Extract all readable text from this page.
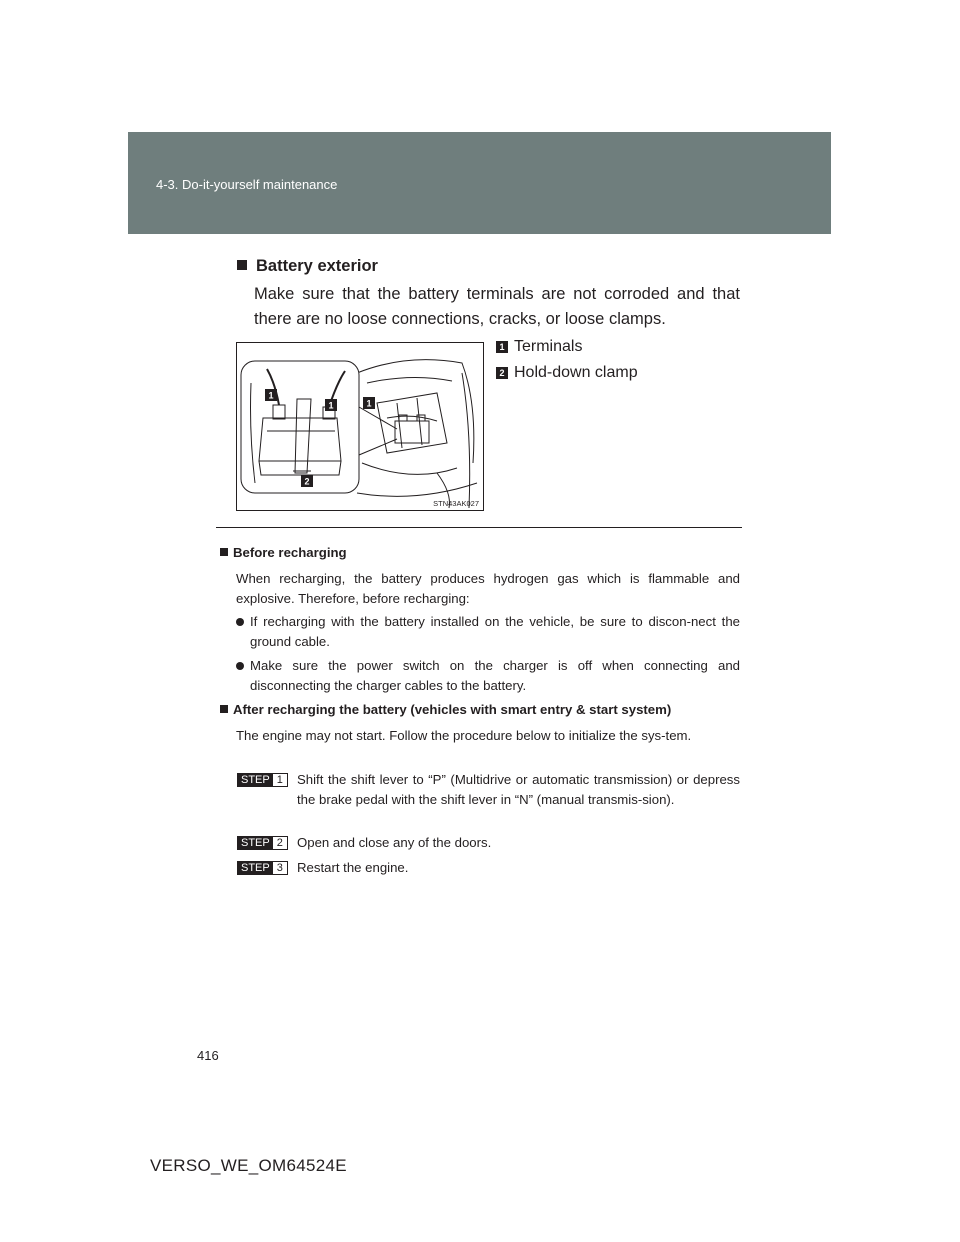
4-3. Do-it-yourself maintenance
Battery exterior
Make sure that the battery terminals are not corroded and that there are no loose connections, cracks, or loose clamps.
1
1	1
2
STN43AK027
1 Terminals
2 Hold-down clamp
Before recharging
When recharging, the battery produces hydrogen gas which is flammable and explosive. Therefore, before recharging:
If recharging with the battery installed on the vehicle, be sure to discon-nect the ground cable.
Make sure the power switch on the charger is off when connecting and disconnecting the charger cables to the battery.
After recharging the battery (vehicles with smart entry & start system)
The engine may not start. Follow the procedure below to initialize the sys-tem.
STEP 1	Shift the shift lever to “P” (Multidrive or automatic transmission) or depress the brake pedal with the shift lever in “N” (manual transmis-sion).
STEP 2	Open and close any of the doors.
STEP 3	Restart the engine.
416
VERSO_WE_OM64524E
